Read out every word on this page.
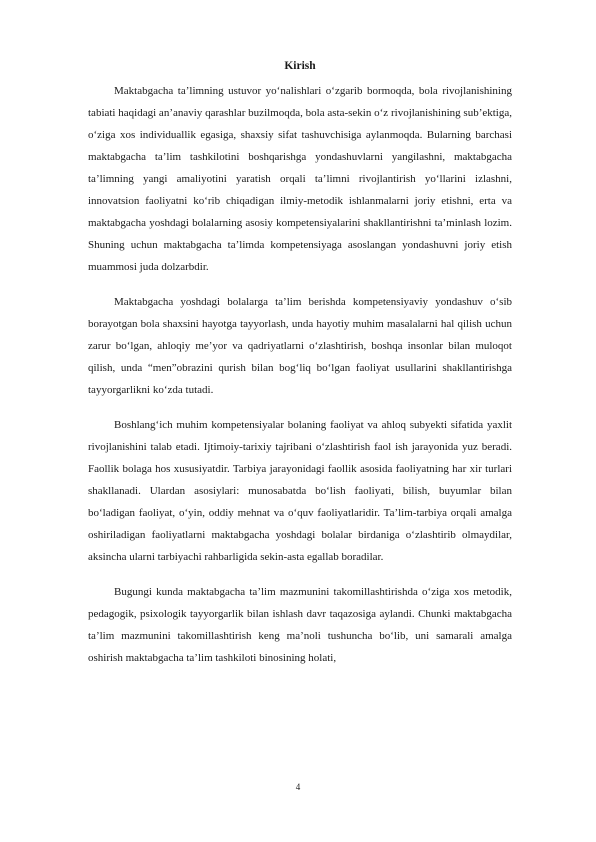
Kirish

Maktabgacha ta’limning ustuvor yo‘nalishlari o‘zgarib bormoqda, bola rivojlanishining tabiati haqidagi an’anaviy qarashlar buzilmoqda, bola asta-sekin o‘z rivojlanishining sub’ektiga, o‘ziga xos individuallik egasiga, shaxsiy sifat tashuvchisiga aylanmoqda. Bularning barchasi maktabgacha ta’lim tashkilotini boshqarishga yondashuvlarni yangilashni, maktabgacha ta’limning yangi amaliyotini yaratish orqali ta’limni rivojlantirish yo‘llarini izlashni, innovatsion faoliyatni ko‘rib chiqadigan ilmiy-metodik ishlanmalarni joriy etishni, erta va maktabgacha yoshdagi bolalarning asosiy kompetensiyalarini shakllantirishni ta’minlash lozim. Shuning uchun maktabgacha ta’limda kompetensiyaga asoslangan yondashuvni joriy etish muammosi juda dolzarbdir.

Maktabgacha yoshdagi bolalarga ta’lim berishda kompetensiyaviy yondashuv o‘sib borayotgan bola shaxsini hayotga tayyorlash, unda hayotiy muhim masalalarni hal qilish uchun zarur bo‘lgan, ahloqiy me’yor va qadriyatlarni o‘zlashtirish, boshqa insonlar bilan muloqot qilish, unda “men”obrazini qurish bilan bog‘liq bo‘lgan faoliyat usullarini shakllantirishga tayyorgarlikni ko‘zda tutadi.

Boshlang‘ich muhim kompetensiyalar bolaning faoliyat va ahloq subyekti sifatida yaxlit rivojlanishini talab etadi. Ijtimoiy-tarixiy tajribani o‘zlashtirish faol ish jarayonida yuz beradi. Faollik bolaga hos xususiyatdir. Tarbiya jarayonidagi faollik asosida faoliyatning har xir turlari shakllanadi. Ulardan asosiylari: munosabatda bo‘lish faoliyati, bilish, buyumlar bilan bo‘ladigan faoliyat, o‘yin, oddiy mehnat va o‘quv faoliyatlaridir. Ta’lim-tarbiya orqali amalga oshiriladigan faoliyatlarni maktabgacha yoshdagi bolalar birdaniga o‘zlashtirib olmaydilar, aksincha ularni tarbiyachi rahbarligida sekin-asta egallab boradilar.

Bugungi kunda maktabgacha ta’lim mazmunini takomillashtirishda o‘ziga xos metodik, pedagogik, psixologik tayyorgarlik bilan ishlash davr taqazosiga aylandi. Chunki maktabgacha ta’lim mazmunini takomillashtirish keng ma’noli tushuncha bo‘lib, uni samarali amalga oshirish maktabgacha ta’lim tashkiloti binosining holati,

4
